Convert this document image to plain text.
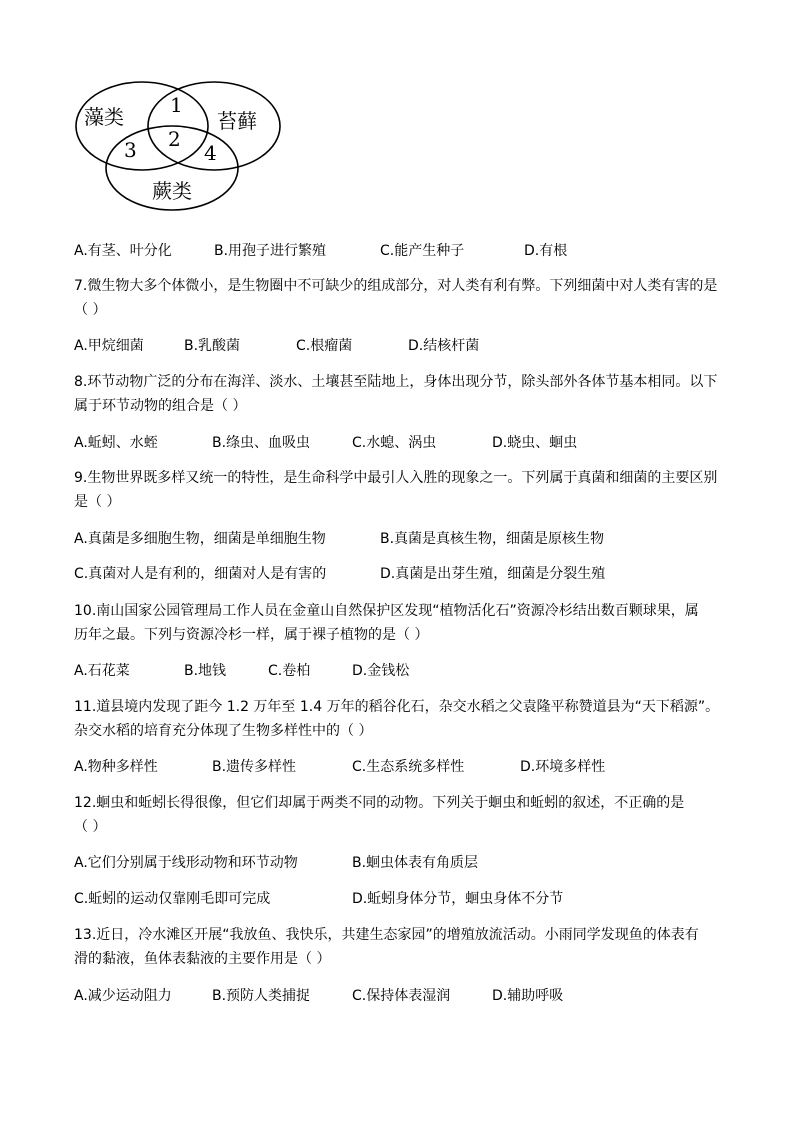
藻类	苔藓
蕨类
1
2
3	4
A.有茎、叶分化	B.用孢子进行繁殖	C.能产生种子	D.有根
7.微生物大多个体微小，是生物圈中不可缺少的组成部分，对人类有利有弊。下列细菌中对人类有害的是
（ ）
A.甲烷细菌	B.乳酸菌	C.根瘤菌	D.结核杆菌
8.环节动物广泛的分布在海洋、淡水、土壤甚至陆地上，身体出现分节，除头部外各体节基本相同。以下
属于环节动物的组合是（ ）
A.蚯蚓、水蛭	B.绦虫、血吸虫	C.水螅、涡虫	D.蛲虫、蛔虫
9.生物世界既多样又统一的特性，是生命科学中最引人入胜的现象之一。下列属于真菌和细菌的主要区别
是（ ）
A.真菌是多细胞生物，细菌是单细胞生物	B.真菌是真核生物，细菌是原核生物
C.真菌对人是有利的，细菌对人是有害的	D.真菌是出芽生殖，细菌是分裂生殖
10.南山国家公园管理局工作人员在金童山自然保护区发现“植物活化石”资源冷杉结出数百颗球果，属
历年之最。下列与资源冷杉一样，属于裸子植物的是（ ）
A.石花菜	B.地钱	C.卷柏	D.金钱松
11.道县境内发现了距今 1.2 万年至 1.4 万年的稻谷化石，杂交水稻之父袁隆平称赞道县为“天下稻源”。
杂交水稻的培育充分体现了生物多样性中的（ ）
A.物种多样性	B.遗传多样性	C.生态系统多样性	D.环境多样性
12.蛔虫和蚯蚓长得很像，但它们却属于两类不同的动物。下列关于蛔虫和蚯蚓的叙述，不正确的是
（ ）
A.它们分别属于线形动物和环节动物	B.蛔虫体表有角质层
C.蚯蚓的运动仅靠刚毛即可完成	D.蚯蚓身体分节，蛔虫身体不分节
13.近日，冷水滩区开展“我放鱼、我快乐，共建生态家园”的增殖放流活动。小雨同学发现鱼的体表有
滑的黏液，鱼体表黏液的主要作用是（ ）
A.减少运动阻力	B.预防人类捕捉	C.保持体表湿润	D.辅助呼吸
